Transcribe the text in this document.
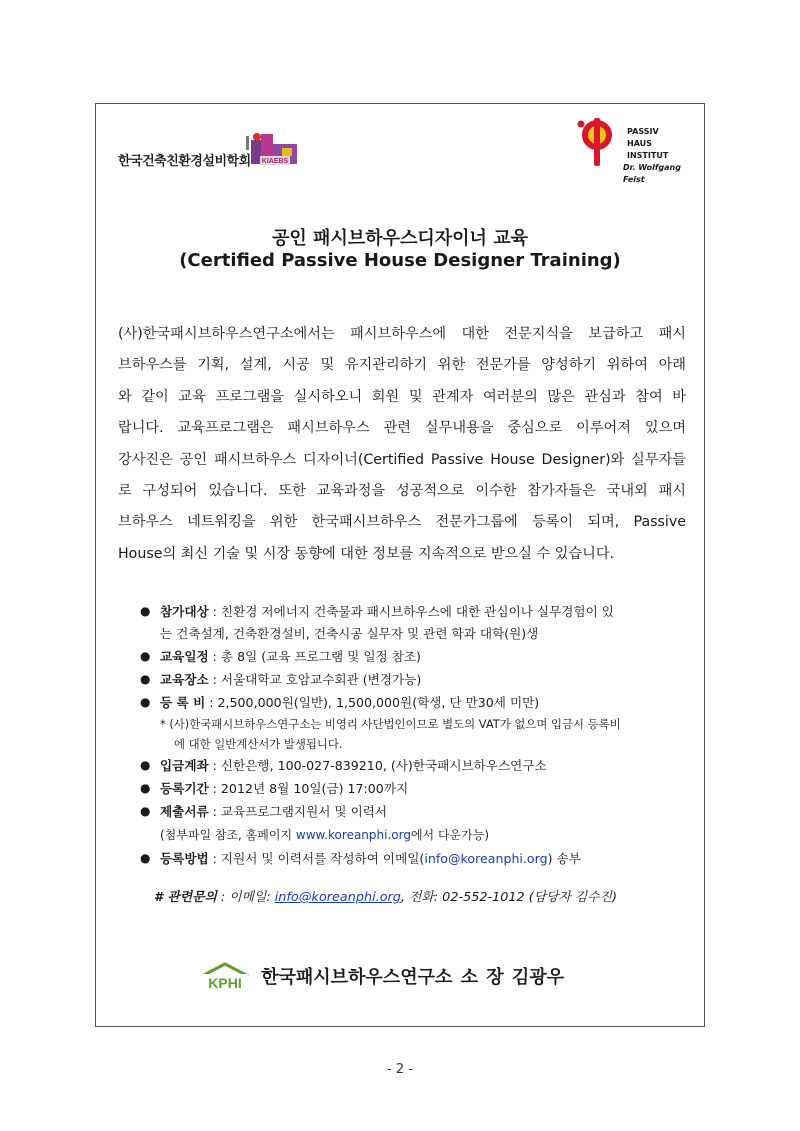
KIAEBS
한국건축친환경설비학회
PASSIV
HAUS
INSTITUT
Dr. Wolfgang Feist
공인 패시브하우스디자이너 교육
(Certified Passive House Designer Training)
(사)한국패시브하우스연구소에서는 패시브하우스에 대한 전문지식을 보급하고 패시
브하우스를 기획, 설계, 시공 및 유지관리하기 위한 전문가를 양성하기 위하여 아래
와 같이 교육 프로그램을 실시하오니 회원 및 관계자 여러분의 많은 관심과 참여 바
랍니다. 교육프로그램은 패시브하우스 관련 실무내용을 중심으로 이루어져 있으며
강사진은 공인 패시브하우스 디자이너(Certified Passive House Designer)와 실무자들
로 구성되어 있습니다. 또한 교육과정을 성공적으로 이수한 참가자들은 국내외 패시
브하우스 네트워킹을 위한 한국패시브하우스 전문가그룹에 등록이 되며, Passive
House의 최신 기술 및 시장 동향에 대한 정보를 지속적으로 받으실 수 있습니다.
● 참가대상 : 친환경 저에너지 건축물과 패시브하우스에 대한 관심이나 실무경험이 있
는 건축설계, 건축환경설비, 건축시공 실무자 및 관련 학과 대학(원)생
● 교육일정 : 총 8일 (교육 프로그램 및 일정 참조)
● 교육장소 : 서울대학교 호암교수회관 (변경가능)
● 등 록 비 : 2,500,000원(일반), 1,500,000원(학생, 단 만30세 미만)
* (사)한국패시브하우스연구소는 비영리 사단법인이므로 별도의 VAT가 없으며 입금시 등록비
에 대한 일반계산서가 발생됩니다.
● 입금계좌 : 신한은행, 100-027-839210, (사)한국패시브하우스연구소
● 등록기간 : 2012년 8월 10일(금) 17:00까지
● 제출서류 : 교육프로그램지원서 및 이력서
(첨부파일 참조, 홈페이지 www.koreanphi.org에서 다운가능)
● 등록방법 : 지원서 및 이력서를 작성하여 이메일(info@koreanphi.org) 송부
# 관련문의 : 이메일: info@koreanphi.org, 전화: 02-552-1012 (담당자 김수진)
KPHI 한국패시브하우스연구소 소 장 김광우
- 2 -
